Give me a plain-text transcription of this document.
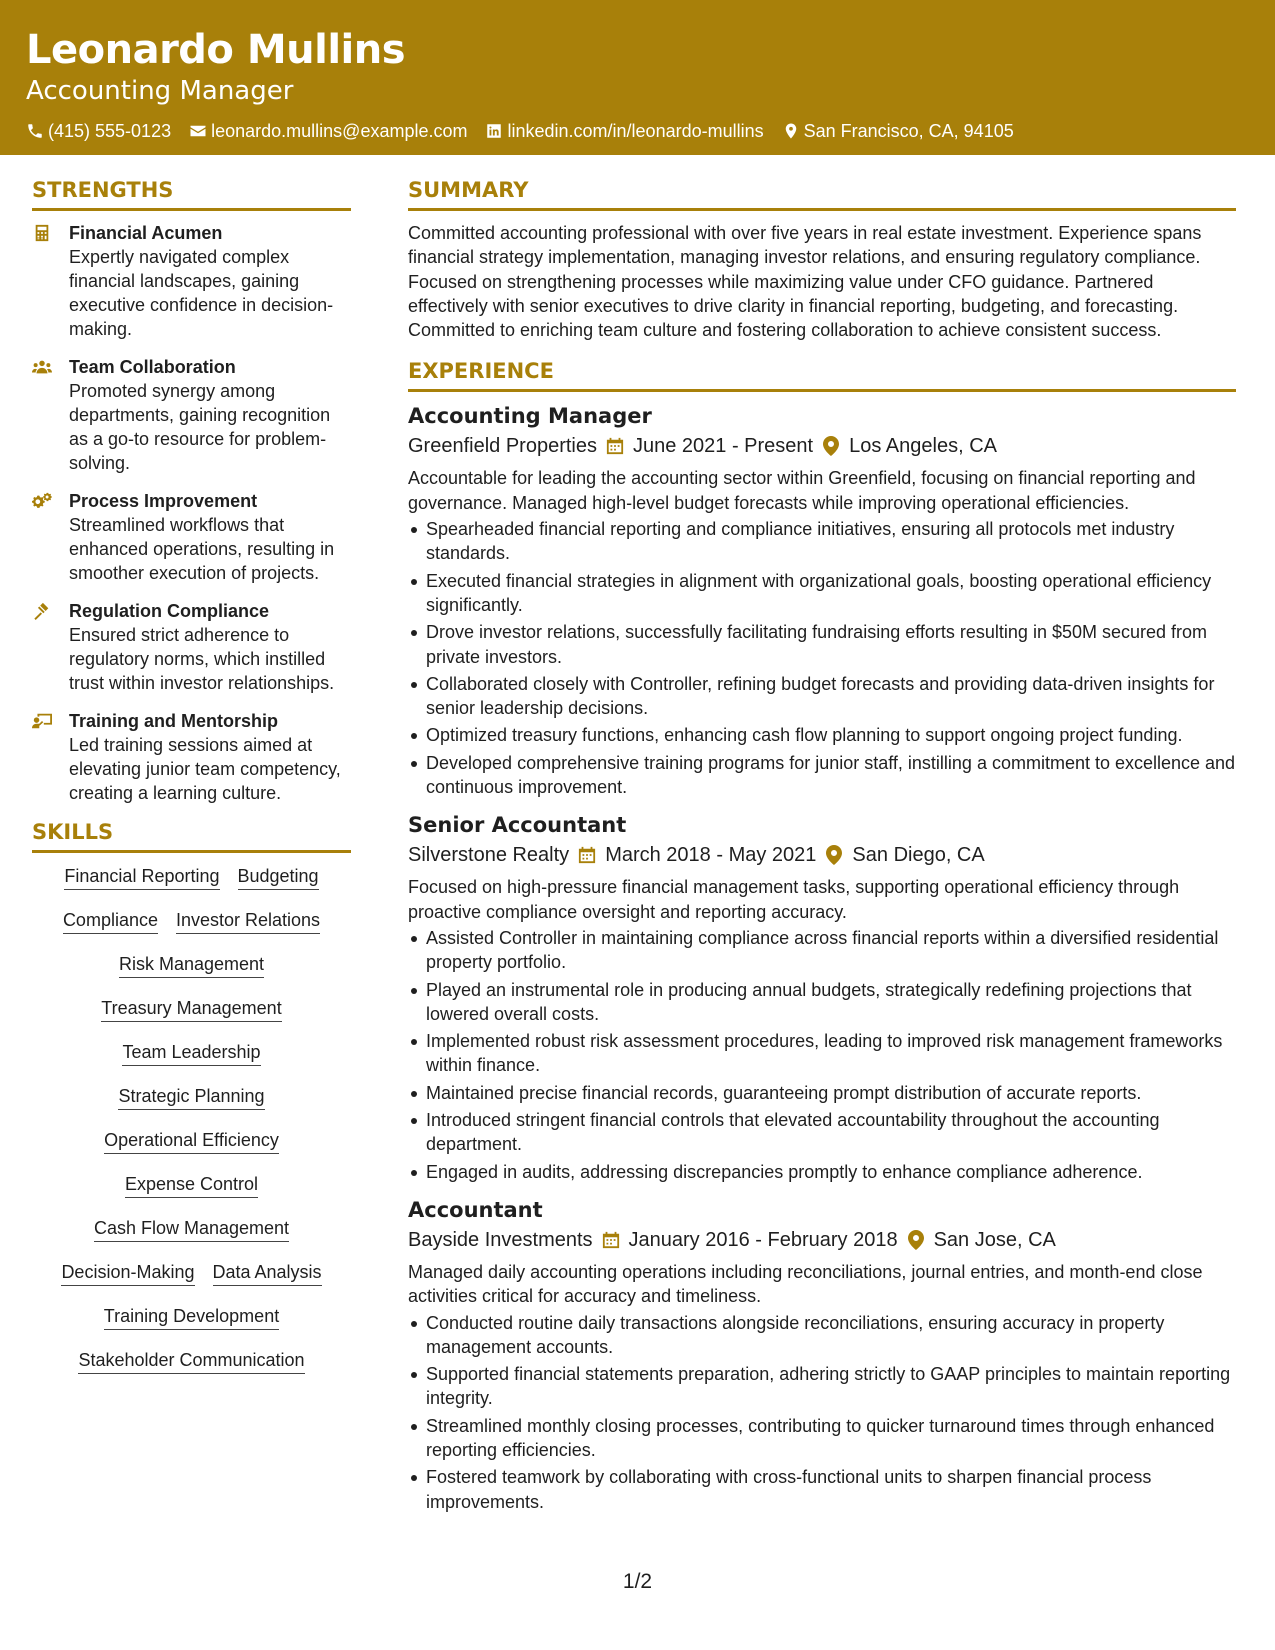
Leonardo Mullins
Accounting Manager
(415) 555-0123 leonardo.mullins@example.com linkedin.com/in/leonardo-mullins San Francisco, CA, 94105
STRENGTHS
Financial Acumen
Expertly navigated complex financial landscapes, gaining executive confidence in decision-making.
Team Collaboration
Promoted synergy among departments, gaining recognition as a go-to resource for problem-solving.
Process Improvement
Streamlined workflows that enhanced operations, resulting in smoother execution of projects.
Regulation Compliance
Ensured strict adherence to regulatory norms, which instilled trust within investor relationships.
Training and Mentorship
Led training sessions aimed at elevating junior team competency, creating a learning culture.
SKILLS
Financial Reporting Budgeting
Compliance Investor Relations
Risk Management
Treasury Management
Team Leadership
Strategic Planning
Operational Efficiency
Expense Control
Cash Flow Management
Decision-Making Data Analysis
Training Development
Stakeholder Communication
SUMMARY
Committed accounting professional with over five years in real estate investment. Experience spans financial strategy implementation, managing investor relations, and ensuring regulatory compliance. Focused on strengthening processes while maximizing value under CFO guidance. Partnered effectively with senior executives to drive clarity in financial reporting, budgeting, and forecasting. Committed to enriching team culture and fostering collaboration to achieve consistent success.
EXPERIENCE
Accounting Manager
Greenfield Properties June 2021 - Present Los Angeles, CA
Accountable for leading the accounting sector within Greenfield, focusing on financial reporting and governance. Managed high-level budget forecasts while improving operational efficiencies.
Spearheaded financial reporting and compliance initiatives, ensuring all protocols met industry standards.
Executed financial strategies in alignment with organizational goals, boosting operational efficiency significantly.
Drove investor relations, successfully facilitating fundraising efforts resulting in $50M secured from private investors.
Collaborated closely with Controller, refining budget forecasts and providing data-driven insights for senior leadership decisions.
Optimized treasury functions, enhancing cash flow planning to support ongoing project funding.
Developed comprehensive training programs for junior staff, instilling a commitment to excellence and continuous improvement.
Senior Accountant
Silverstone Realty March 2018 - May 2021 San Diego, CA
Focused on high-pressure financial management tasks, supporting operational efficiency through proactive compliance oversight and reporting accuracy.
Assisted Controller in maintaining compliance across financial reports within a diversified residential property portfolio.
Played an instrumental role in producing annual budgets, strategically redefining projections that lowered overall costs.
Implemented robust risk assessment procedures, leading to improved risk management frameworks within finance.
Maintained precise financial records, guaranteeing prompt distribution of accurate reports.
Introduced stringent financial controls that elevated accountability throughout the accounting department.
Engaged in audits, addressing discrepancies promptly to enhance compliance adherence.
Accountant
Bayside Investments January 2016 - February 2018 San Jose, CA
Managed daily accounting operations including reconciliations, journal entries, and month-end close activities critical for accuracy and timeliness.
Conducted routine daily transactions alongside reconciliations, ensuring accuracy in property management accounts.
Supported financial statements preparation, adhering strictly to GAAP principles to maintain reporting integrity.
Streamlined monthly closing processes, contributing to quicker turnaround times through enhanced reporting efficiencies.
Fostered teamwork by collaborating with cross-functional units to sharpen financial process improvements.
1/2
